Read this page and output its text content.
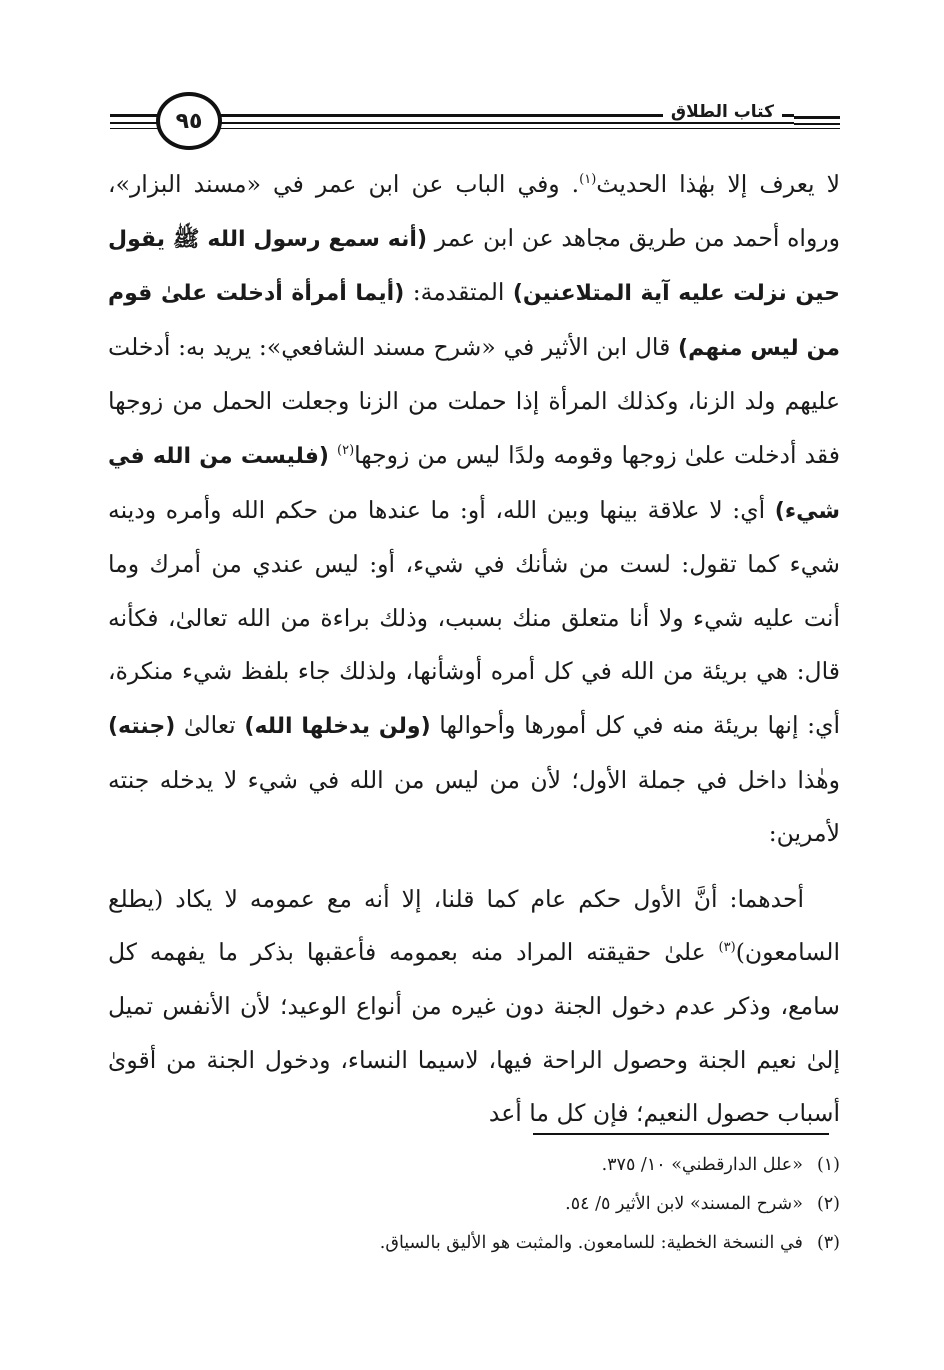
كتاب الطلاق
٩٥

لا يعرف إلا بهٰذا الحديث$^{(١)}$. وفي الباب عن ابن عمر في «مسند البزار»، ورواه أحمد من طريق مجاهد عن ابن عمر (أنه سمع رسول الله ﷺ يقول حين نزلت عليه آية المتلاعنين) المتقدمة: (أيما أمرأة أدخلت علىٰ قوم من ليس منهم) قال ابن الأثير في «شرح مسند الشافعي»: يريد به: أدخلت عليهم ولد الزنا، وكذلك المرأة إذا حملت من الزنا وجعلت الحمل من زوجها فقد أدخلت علىٰ زوجها وقومه ولدًا ليس من زوجها$^{(٢)}$ (فليست من الله في شيء) أي: لا علاقة بينها وبين الله، أو: ما عندها من حكم الله وأمره ودينه شيء كما تقول: لست من شأنك في شيء، أو: ليس عندي من أمرك وما أنت عليه شيء ولا أنا متعلق منك بسبب، وذلك براءة من الله تعالىٰ، فكأنه قال: هي بريئة من الله في كل أمره أوشأنها، ولذلك جاء بلفظ شيء منكرة، أي: إنها بريئة منه في كل أمورها وأحوالها (ولن يدخلها الله) تعالىٰ (جنته) وهٰذا داخل في جملة الأول؛ لأن من ليس من الله في شيء لا يدخله جنته لأمرين:

أحدهما: أنَّ الأول حكم عام كما قلنا، إلا أنه مع عمومه لا يكاد (يطلع السامعون)$^{(٣)}$ علىٰ حقيقته المراد منه بعمومه فأعقبها بذكر ما يفهمه كل سامع، وذكر عدم دخول الجنة دون غيره من أنواع الوعيد؛ لأن الأنفس تميل إلىٰ نعيم الجنة وحصول الراحة فيها، لاسيما النساء، ودخول الجنة من أقوىٰ أسباب حصول النعيم؛ فإن كل ما أعد

(١)«علل الدارقطني» ١٠/ ٣٧٥.
(٢)«شرح المسند» لابن الأثير ٥/ ٥٤.
(٣)في النسخة الخطية: للسامعون. والمثبت هو الأليق بالسياق.
